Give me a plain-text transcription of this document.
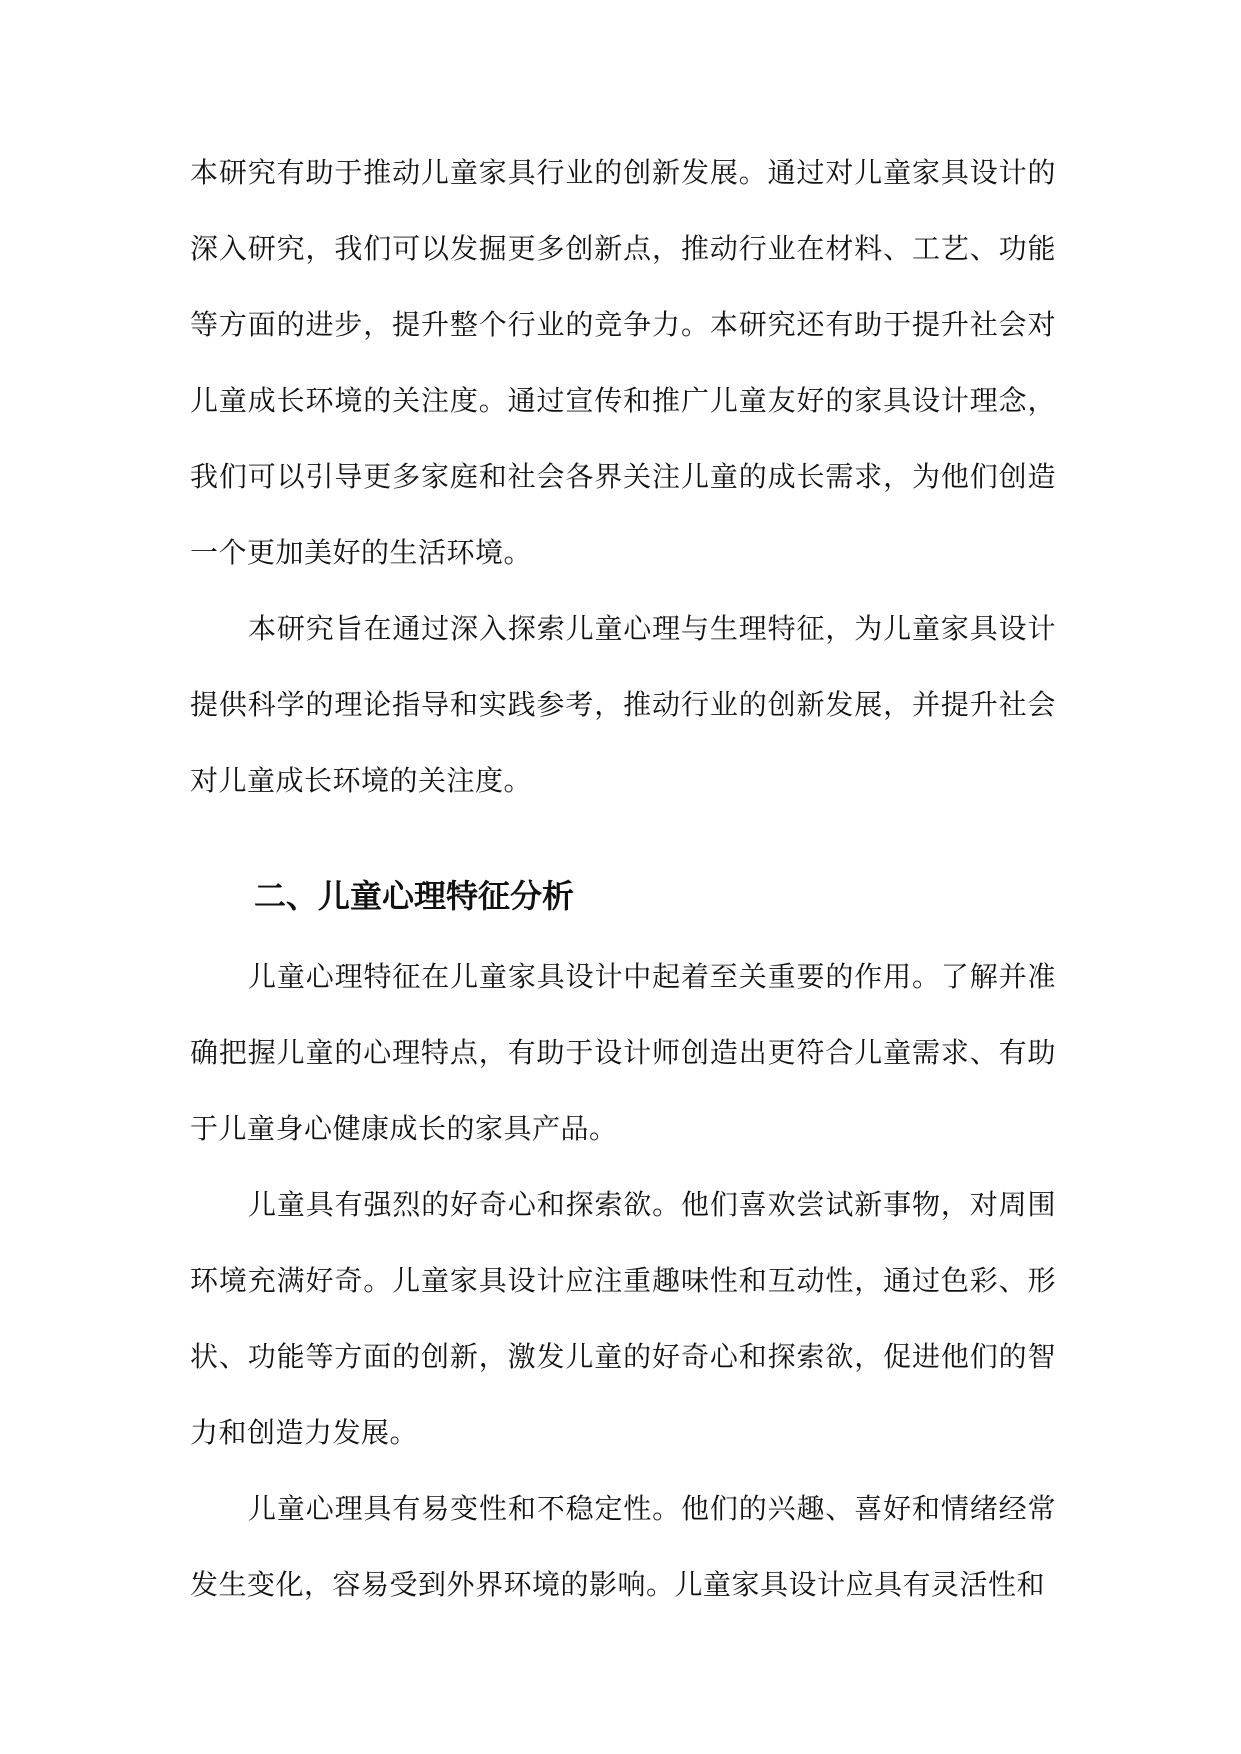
本研究有助于推动儿童家具行业的创新发展。通过对儿童家具设计的深入研究，我们可以发掘更多创新点，推动行业在材料、工艺、功能等方面的进步，提升整个行业的竞争力。本研究还有助于提升社会对儿童成长环境的关注度。通过宣传和推广儿童友好的家具设计理念，我们可以引导更多家庭和社会各界关注儿童的成长需求，为他们创造一个更加美好的生活环境。

本研究旨在通过深入探索儿童心理与生理特征，为儿童家具设计提供科学的理论指导和实践参考，推动行业的创新发展，并提升社会对儿童成长环境的关注度。

二、儿童心理特征分析

儿童心理特征在儿童家具设计中起着至关重要的作用。了解并准确把握儿童的心理特点，有助于设计师创造出更符合儿童需求、有助于儿童身心健康成长的家具产品。

儿童具有强烈的好奇心和探索欲。他们喜欢尝试新事物，对周围环境充满好奇。儿童家具设计应注重趣味性和互动性，通过色彩、形状、功能等方面的创新，激发儿童的好奇心和探索欲，促进他们的智力和创造力发展。

儿童心理具有易变性和不稳定性。他们的兴趣、喜好和情绪经常发生变化，容易受到外界环境的影响。儿童家具设计应具有灵活性和
